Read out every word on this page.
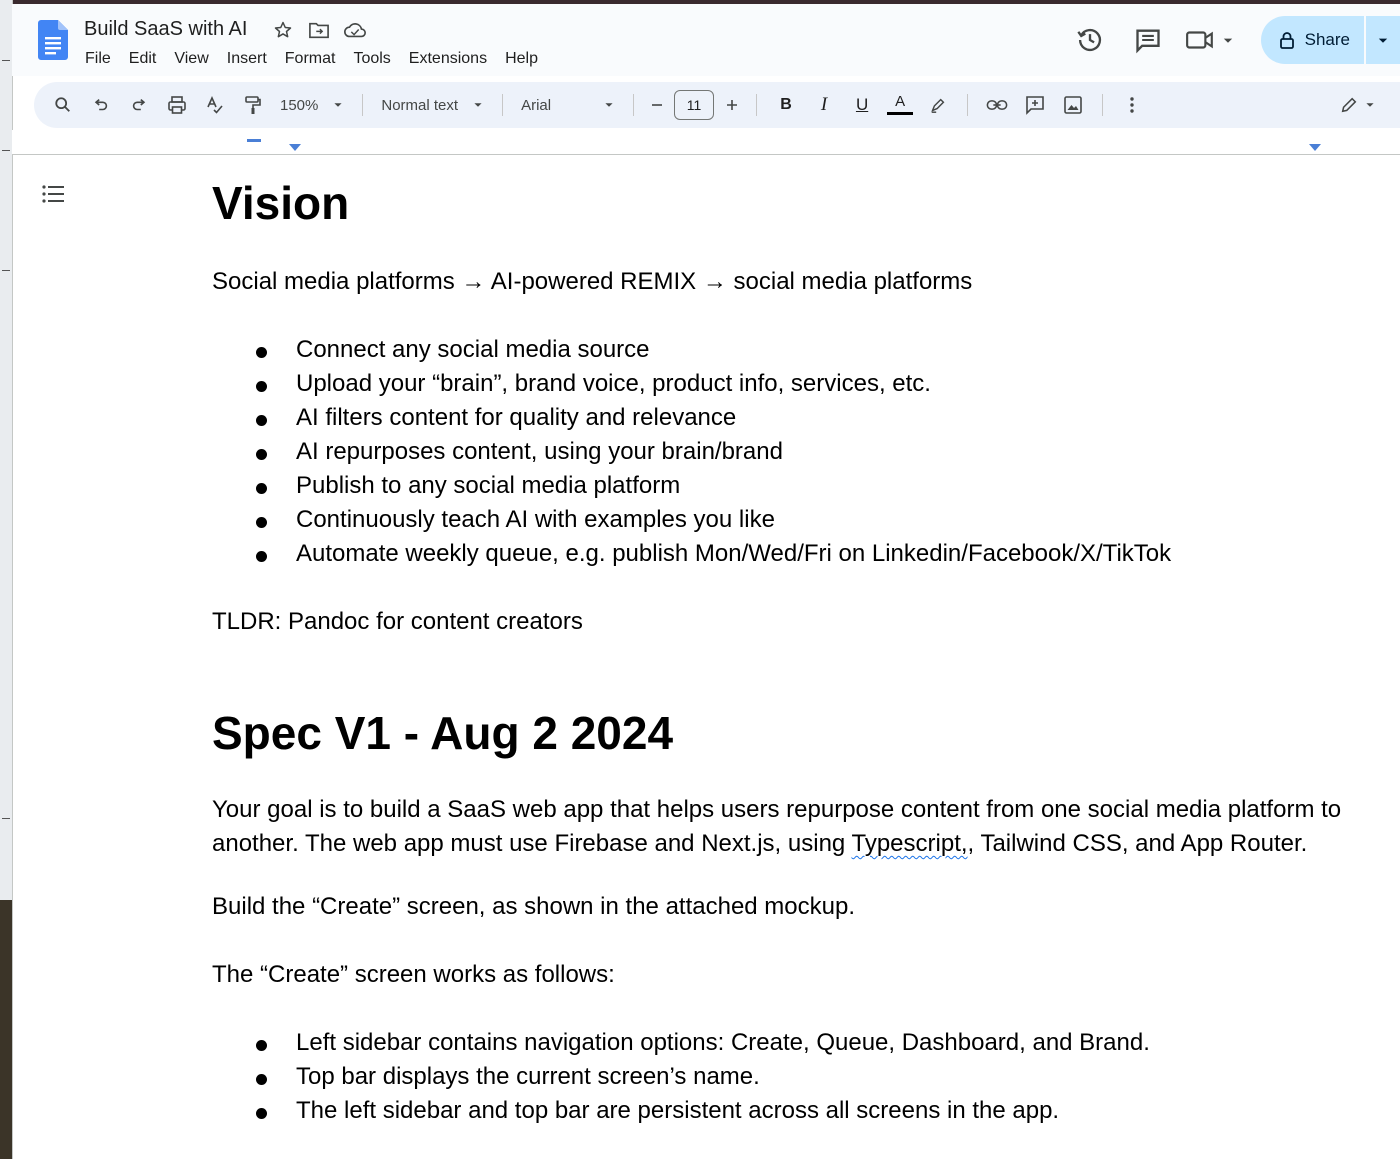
Build SaaS with AI
File	Edit	View	Insert	Format	Tools	Extensions	Help
Share
150%	Normal text	Arial	11	B	I	U	A
Vision

Social media platforms → AI-powered REMIX → social media platforms

Connect any social media source
Upload your “brain”, brand voice, product info, services, etc.
AI filters content for quality and relevance
AI repurposes content, using your brain/brand
Publish to any social media platform
Continuously teach AI with examples you like
Automate weekly queue, e.g. publish Mon/Wed/Fri on Linkedin/Facebook/X/TikTok

TLDR: Pandoc for content creators

Spec V1 - Aug 2 2024

Your goal is to build a SaaS web app that helps users repurpose content from one social media platform to another. The web app must use Firebase and Next.js, using Typescript,, Tailwind CSS, and App Router.

Build the “Create” screen, as shown in the attached mockup.

The “Create” screen works as follows:

Left sidebar contains navigation options: Create, Queue, Dashboard, and Brand.
Top bar displays the current screen’s name.
The left sidebar and top bar are persistent across all screens in the app.
